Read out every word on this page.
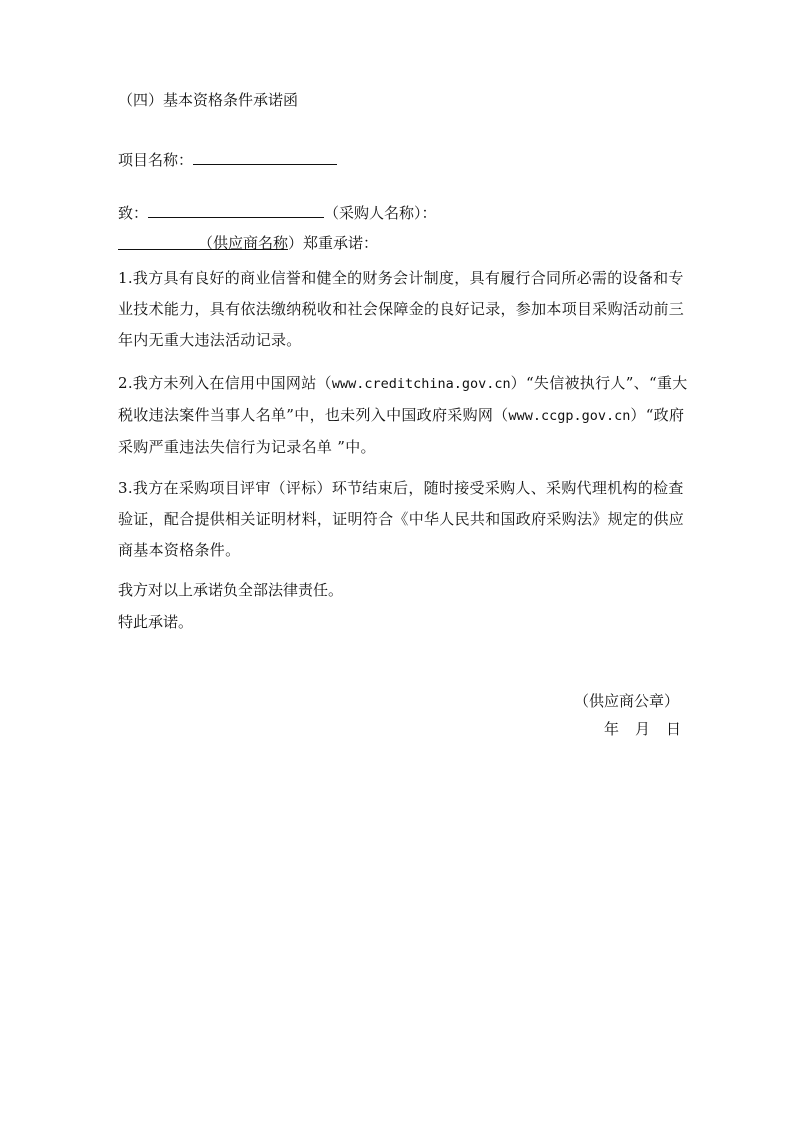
（四）基本资格条件承诺函
项目名称：
致：	（采购人名称）：
（供应商名称）郑重承诺：

1.我方具有良好的商业信誉和健全的财务会计制度，具有履行合同所必需的设备和专业技术能力，具有依法缴纳税收和社会保障金的良好记录，参加本项目采购活动前三年内无重大违法活动记录。

2.我方未列入在信用中国网站（www.creditchina.gov.cn）“失信被执行人”、“重大税收违法案件当事人名单”中，也未列入中国政府采购网（www.ccgp.gov.cn）“政府采购严重违法失信行为记录名单 ”中。

3.我方在采购项目评审（评标）环节结束后，随时接受采购人、采购代理机构的检查验证，配合提供相关证明材料，证明符合《中华人民共和国政府采购法》规定的供应商基本资格条件。

我方对以上承诺负全部法律责任。
特此承诺。
（供应商公章）
年 月 日
